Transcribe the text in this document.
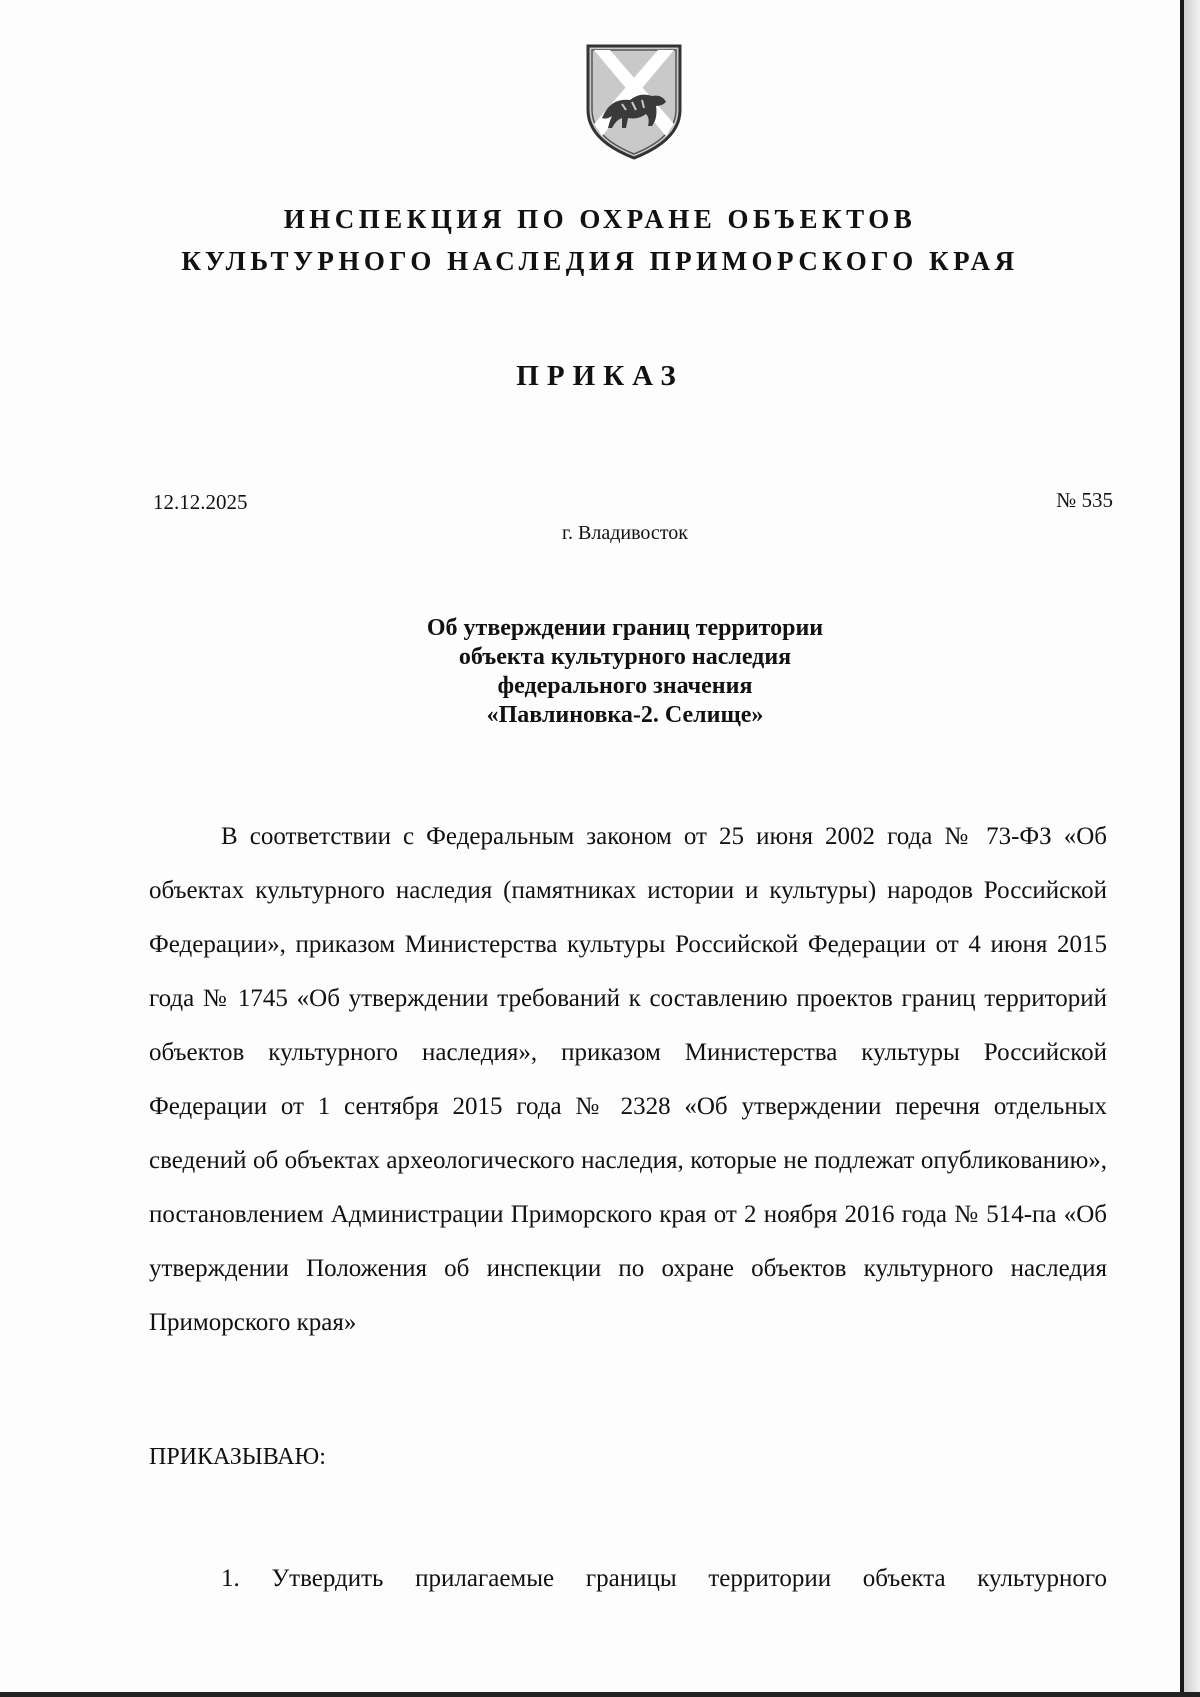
ИНСПЕКЦИЯ ПО ОХРАНЕ ОБЪЕКТОВ
КУЛЬТУРНОГО НАСЛЕДИЯ ПРИМОРСКОГО КРАЯ
ПРИКАЗ
12.12.2025	№ 535
г. Владивосток
Об утверждении границ территории
объекта культурного наследия
федерального значения
«Павлиновка-2. Селище»

В соответствии с Федеральным законом от 25 июня 2002 года № 73-ФЗ «Об объектах культурного наследия (памятниках истории и культуры) народов Российской Федерации», приказом Министерства культуры Российской Федерации от 4 июня 2015 года № 1745 «Об утверждении требований к составлению проектов границ территорий объектов культурного наследия», приказом Министерства культуры Российской Федерации от 1 сентября 2015 года № 2328 «Об утверждении перечня отдельных сведений об объектах археологического наследия, которые не подлежат опубликованию», постановлением Администрации Приморского края от 2 ноября 2016 года № 514-па «Об утверждении Положения об инспекции по охране объектов культурного наследия Приморского края»

ПРИКАЗЫВАЮ:

1. Утвердить прилагаемые границы территории объекта культурного
